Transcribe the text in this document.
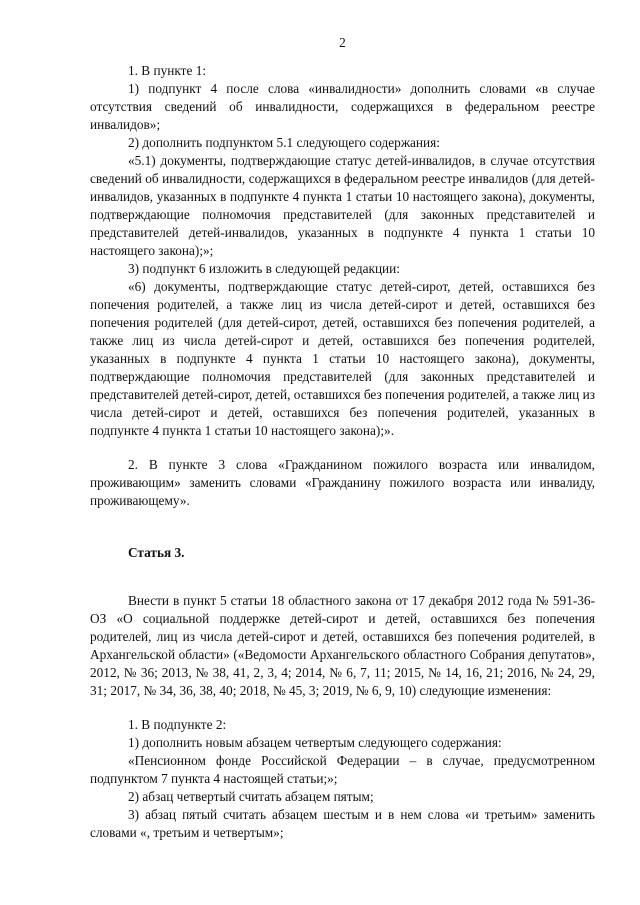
2

1. В пункте 1:

1) подпункт 4 после слова «инвалидности» дополнить словами «в случае отсутствия сведений об инвалидности, содержащихся в федеральном реестре инвалидов»;

2) дополнить подпунктом 5.1 следующего содержания:

«5.1) документы, подтверждающие статус детей-инвалидов, в случае отсутствия сведений об инвалидности, содержащихся в федеральном реестре инвалидов (для детей-инвалидов, указанных в подпункте 4 пункта 1 статьи 10 настоящего закона), документы, подтверждающие полномочия представителей (для законных представителей и представителей детей-инвалидов, указанных в подпункте 4 пункта 1 статьи 10 настоящего закона);»;

3) подпункт 6 изложить в следующей редакции:

«6) документы, подтверждающие статус детей-сирот, детей, оставшихся без попечения родителей, а также лиц из числа детей-сирот и детей, оставшихся без попечения родителей (для детей-сирот, детей, оставшихся без попечения родителей, а также лиц из числа детей-сирот и детей, оставшихся без попечения родителей, указанных в подпункте 4 пункта 1 статьи 10 настоящего закона), документы, подтверждающие полномочия представителей (для законных представителей и представителей детей-сирот, детей, оставшихся без попечения родителей, а также лиц из числа детей-сирот и детей, оставшихся без попечения родителей, указанных в подпункте 4 пункта 1 статьи 10 настоящего закона);».

2. В пункте 3 слова «Гражданином пожилого возраста или инвалидом, проживающим» заменить словами «Гражданину пожилого возраста или инвалиду, проживающему».

Статья 3.

Внести в пункт 5 статьи 18 областного закона от 17 декабря 2012 года № 591-36-ОЗ «О социальной поддержке детей-сирот и детей, оставшихся без попечения родителей, лиц из числа детей-сирот и детей, оставшихся без попечения родителей, в Архангельской области» («Ведомости Архангельского областного Собрания депутатов», 2012, № 36; 2013, № 38, 41, 2, 3, 4; 2014, № 6, 7, 11; 2015, № 14, 16, 21; 2016, № 24, 29, 31; 2017, № 34, 36, 38, 40; 2018, № 45, 3; 2019, № 6, 9, 10) следующие изменения:

1. В подпункте 2:

1) дополнить новым абзацем четвертым следующего содержания:

«Пенсионном фонде Российской Федерации – в случае, предусмотренном подпунктом 7 пункта 4 настоящей статьи;»;

2) абзац четвертый считать абзацем пятым;

3) абзац пятый считать абзацем шестым и в нем слова «и третьим» заменить словами «, третьим и четвертым»;
